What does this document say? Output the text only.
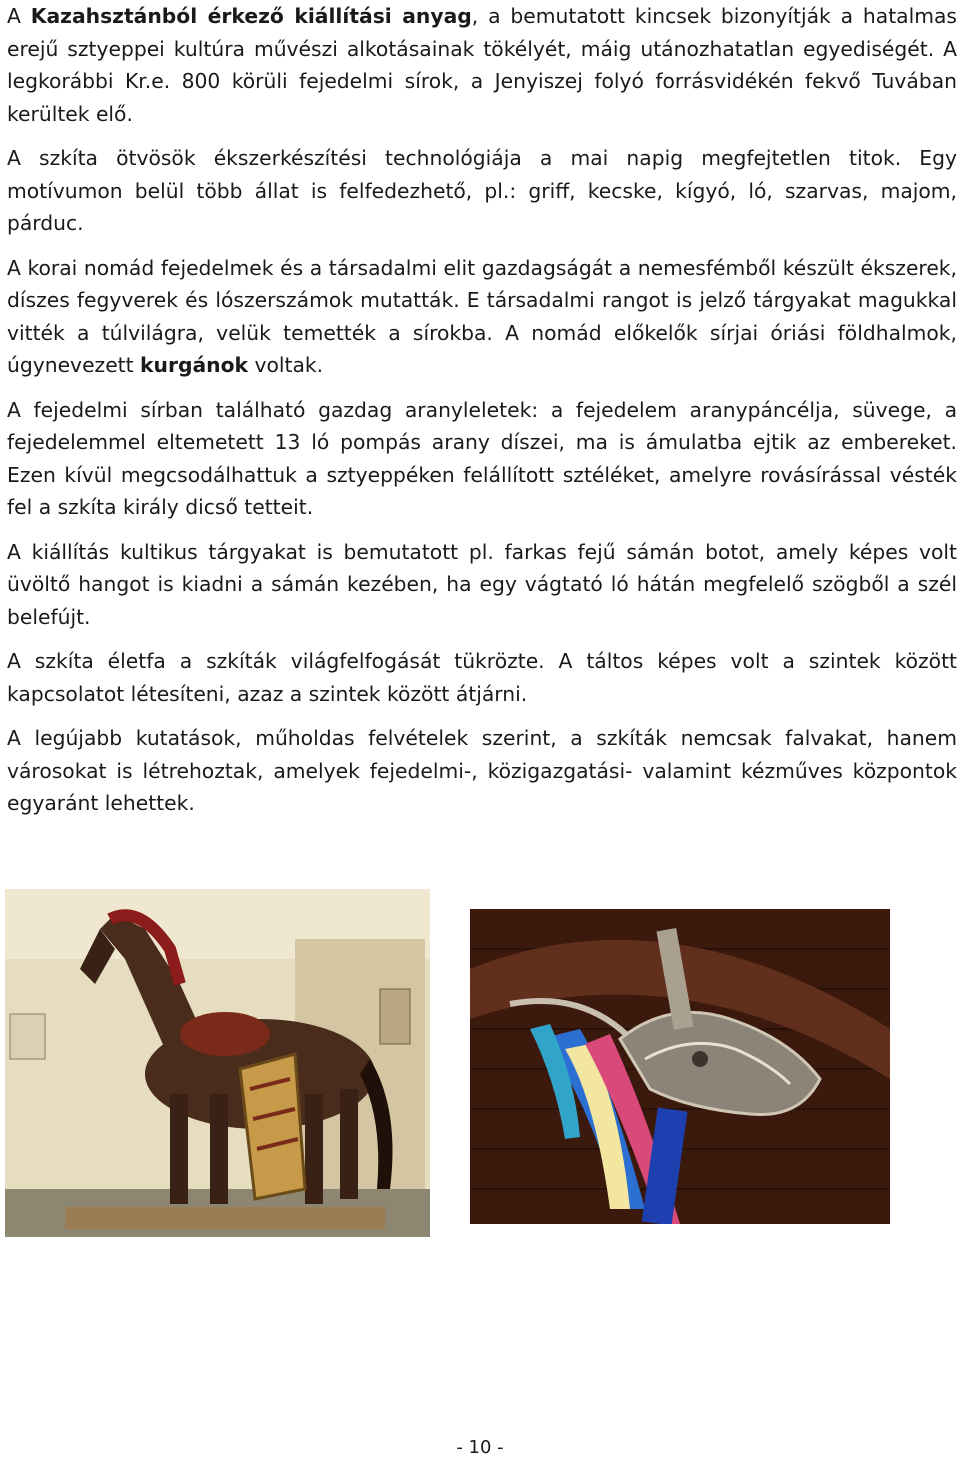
A Kazahsztánból érkező kiállítási anyag, a bemutatott kincsek bizonyítják a hatalmas erejű sztyeppei kultúra művészi alkotásainak tökélyét, máig utánozhatatlan egyediségét. A legkorábbi Kr.e. 800 körüli fejedelmi sírok, a Jenyiszej folyó forrásvidékén fekvő Tuvában kerültek elő.

A szkíta ötvösök ékszerkészítési technológiája a mai napig megfejtetlen titok. Egy motívumon belül több állat is felfedezhető, pl.: griff, kecske, kígyó, ló, szarvas, majom, párduc.

A korai nomád fejedelmek és a társadalmi elit gazdagságát a nemesfémből készült ékszerek, díszes fegyverek és lószerszámok mutatták. E társadalmi rangot is jelző tárgyakat magukkal vitték a túlvilágra, velük temették a sírokba. A nomád előkelők sírjai óriási földhalmok, úgynevezett kurgánok voltak.

A fejedelmi sírban található gazdag aranyleletek: a fejedelem aranypáncélja, süvege, a fejedelemmel eltemetett 13 ló pompás arany díszei, ma is ámulatba ejtik az embereket. Ezen kívül megcsodálhattuk a sztyeppéken felállított sztéléket, amelyre rovásírással vésték fel a szkíta király dicső tetteit.

A kiállítás kultikus tárgyakat is bemutatott pl. farkas fejű sámán botot, amely képes volt üvöltő hangot is kiadni a sámán kezében, ha egy vágtató ló hátán megfelelő szögből a szél belefújt.

A szkíta életfa a szkíták világfelfogását tükrözte. A táltos képes volt a szintek között kapcsolatot létesíteni, azaz a szintek között átjárni.

A legújabb kutatások, műholdas felvételek szerint, a szkíták nemcsak falvakat, hanem városokat is létrehoztak, amelyek fejedelmi-, közigazgatási- valamint kézműves központok egyaránt lehettek.

- 10 -
